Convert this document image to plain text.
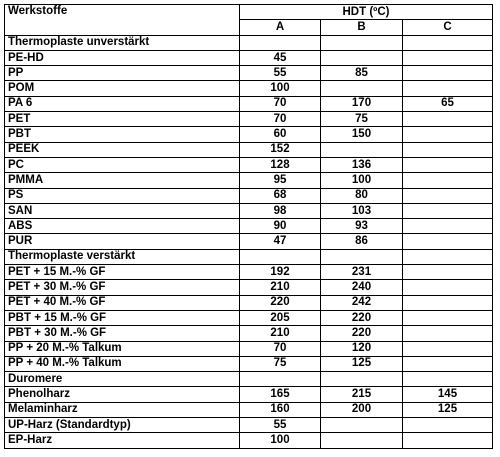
Werkstoffe	HDT (ºC)		
	A	B	C
Thermoplaste unverstärkt			
PE-HD	45		
PP	55	85	
POM	100		
PA 6	70	170	65
PET	70	75	
PBT	60	150	
PEEK	152		
PC	128	136	
PMMA	95	100	
PS	68	80	
SAN	98	103	
ABS	90	93	
PUR	47	86	
Thermoplaste verstärkt			
PET + 15 M.-% GF	192	231	
PET + 30 M.-% GF	210	240	
PET + 40 M.-% GF	220	242	
PBT + 15 M.-% GF	205	220	
PBT + 30 M.-% GF	210	220	
PP + 20 M.-% Talkum	70	120	
PP + 40 M.-% Talkum	75	125	
Duromere			
Phenolharz	165	215	145
Melaminharz	160	200	125
UP-Harz (Standardtyp)	55		
EP-Harz	100		
